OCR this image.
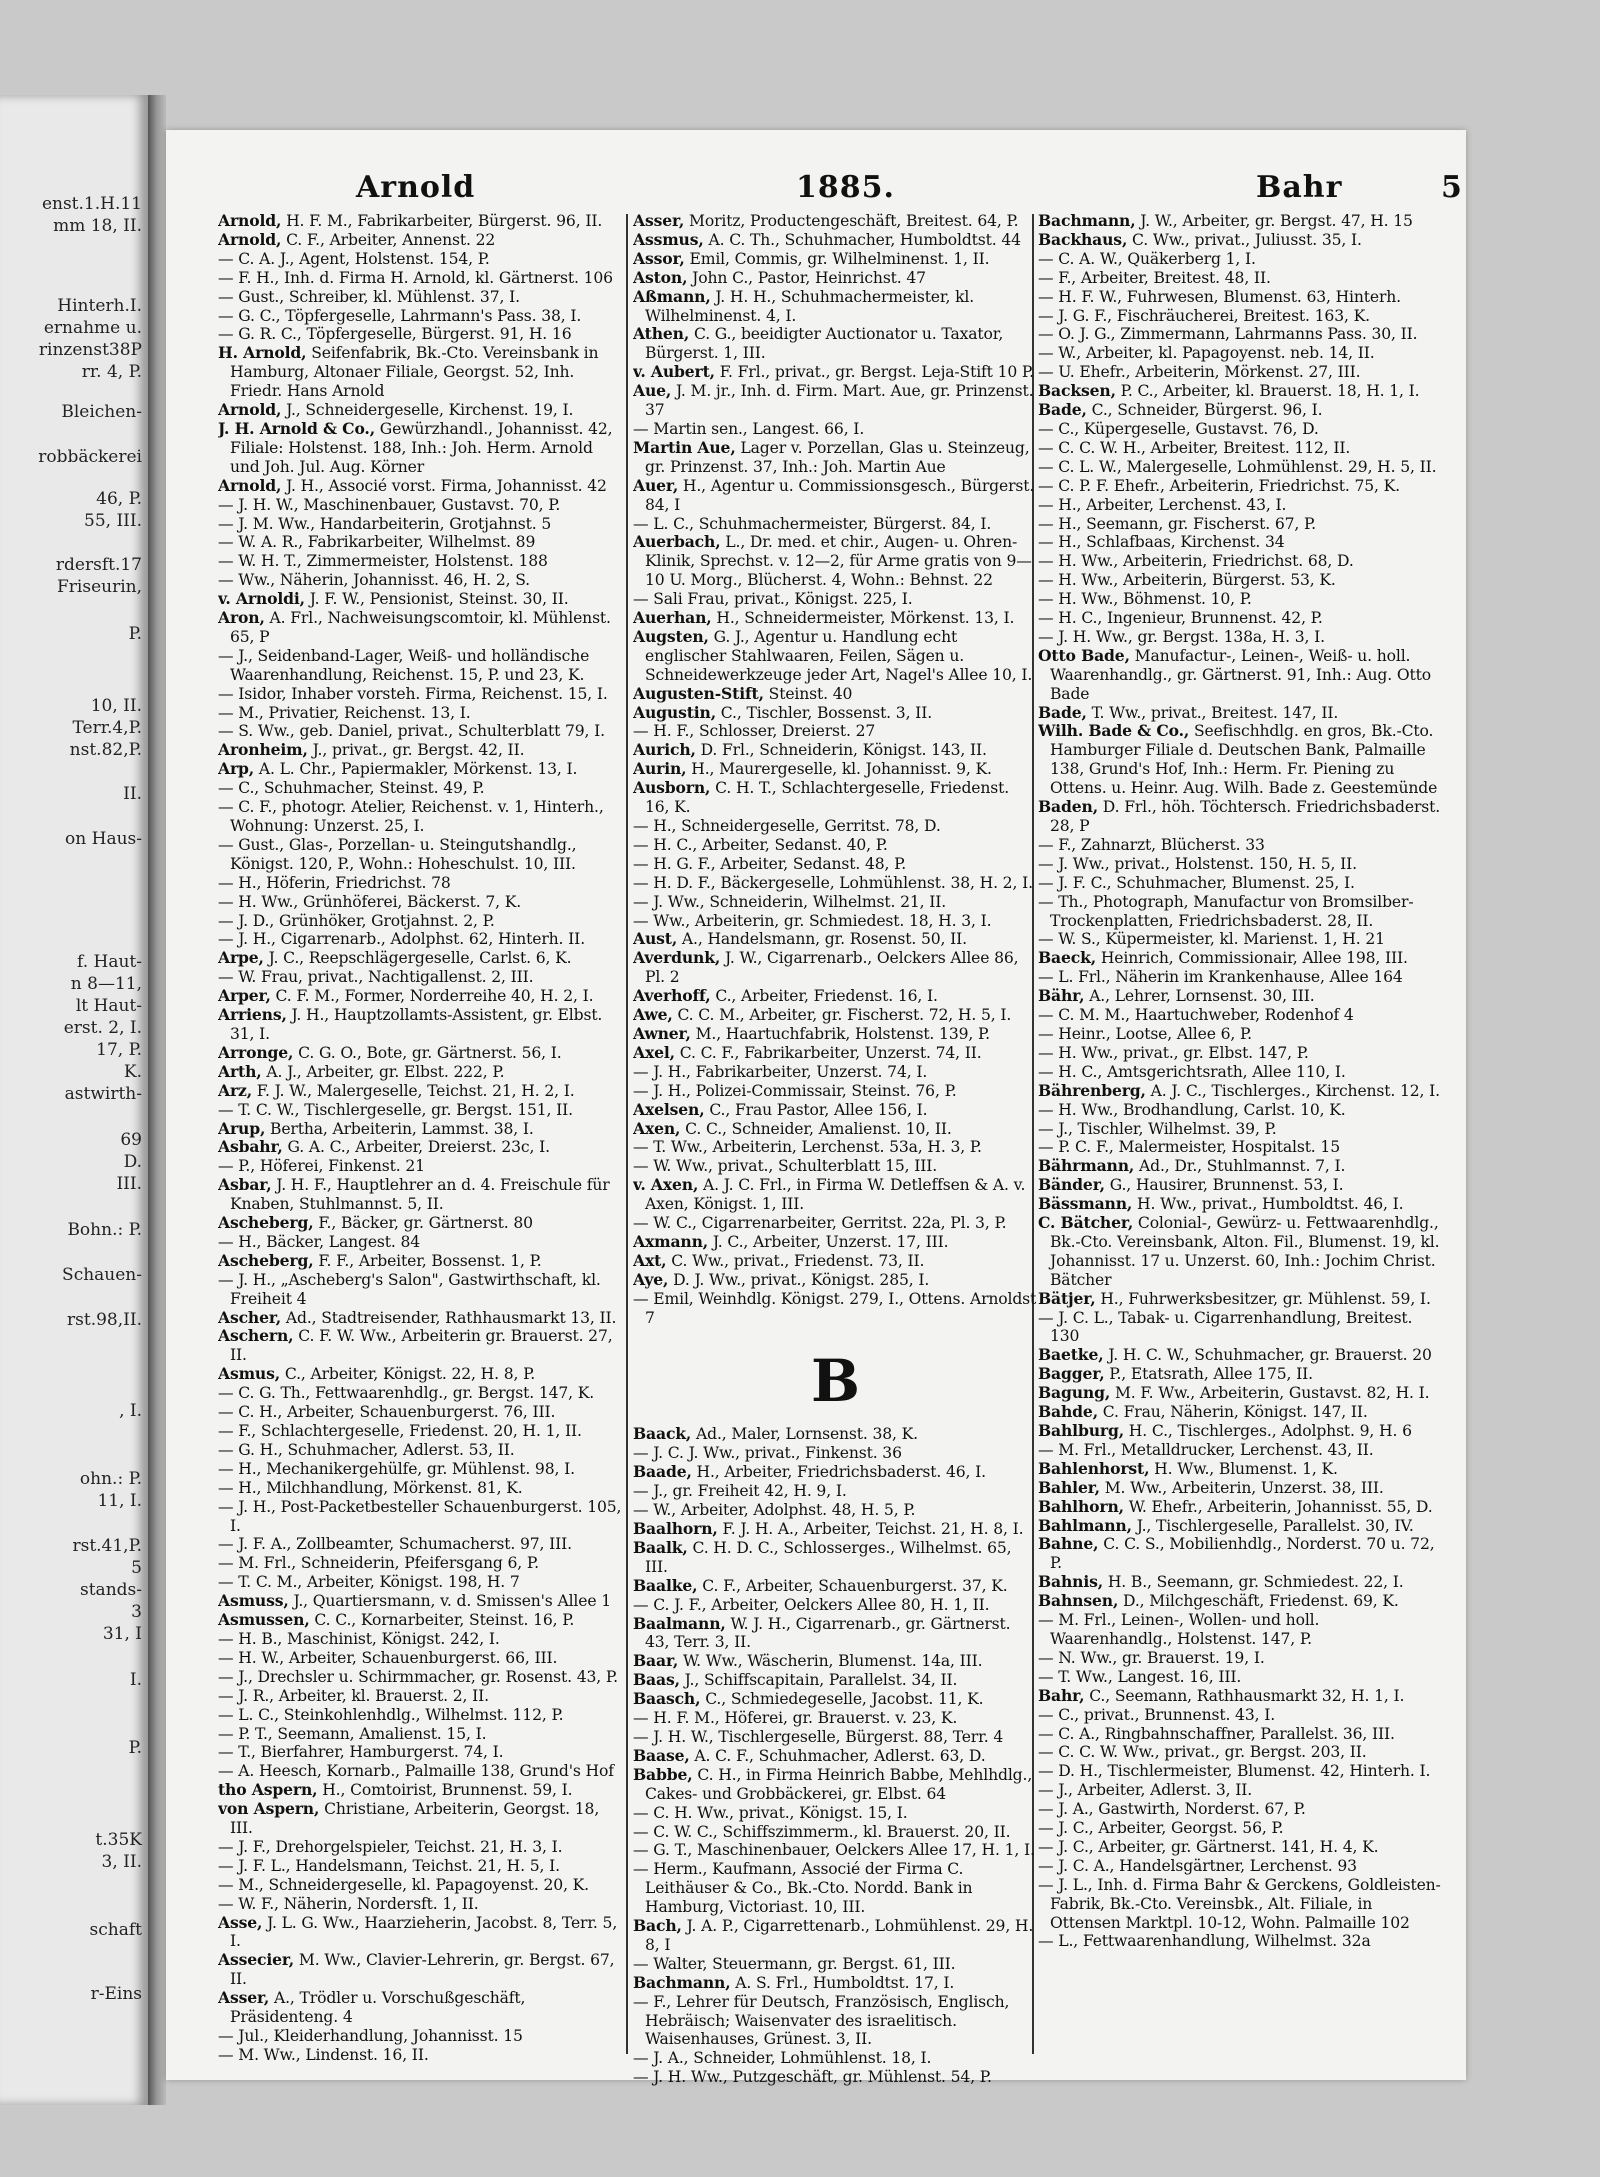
enst.1.H.11
mm 18, II.
Hinterh.I.
ernahme u.
rinzenst38P
rr. 4, P.
Bleichen-
robbäckerei
46, P.
55, III.
rdersft.17
Friseurin,
P.
10, II.
Terr.4,P.
nst.82,P.
II.
on Haus-
f. Haut-
n 8—11,
lt Haut-
erst. 2, I.
17, P.
K.
astwirth-
69
D.
III.
Bohn.: P.
Schauen-
rst.98,II.
, I.
ohn.: P.
11, I.
rst.41,P.
5
stands-
3
31, I
I.
P.
t.35K
3, II.
schaft
r-Eins
Arnold	1885.	Bahr	5

Arnold, H. F. M., Fabrikarbeiter, Bürgerst. 96, II.

Arnold, C. F., Arbeiter, Annenst. 22

— C. A. J., Agent, Holstenst. 154, P.

— F. H., Inh. d. Firma H. Arnold, kl. Gärtnerst. 106

— Gust., Schreiber, kl. Mühlenst. 37, I.

— G. C., Töpfergeselle, Lahrmann's Pass. 38, I.

— G. R. C., Töpfergeselle, Bürgerst. 91, H. 16

H. Arnold, Seifenfabrik, Bk.-Cto. Vereinsbank in Hamburg, Altonaer Filiale, Georgst. 52, Inh. Friedr. Hans Arnold

Arnold, J., Schneidergeselle, Kirchenst. 19, I.

J. H. Arnold & Co., Gewürzhandl., Johannisst. 42, Filiale: Holstenst. 188, Inh.: Joh. Herm. Arnold und Joh. Jul. Aug. Körner

Arnold, J. H., Associé vorst. Firma, Johannisst. 42

— J. H. W., Maschinenbauer, Gustavst. 70, P.

— J. M. Ww., Handarbeiterin, Grotjahnst. 5

— W. A. R., Fabrikarbeiter, Wilhelmst. 89

— W. H. T., Zimmermeister, Holstenst. 188

— Ww., Näherin, Johannisst. 46, H. 2, S.

v. Arnoldi, J. F. W., Pensionist, Steinst. 30, II.

Aron, A. Frl., Nachweisungscomtoir, kl. Mühlenst. 65, P

— J., Seidenband-Lager, Weiß- und holländische Waarenhandlung, Reichenst. 15, P. und 23, K.

— Isidor, Inhaber vorsteh. Firma, Reichenst. 15, I.

— M., Privatier, Reichenst. 13, I.

— S. Ww., geb. Daniel, privat., Schulterblatt 79, I.

Aronheim, J., privat., gr. Bergst. 42, II.

Arp, A. L. Chr., Papiermakler, Mörkenst. 13, I.

— C., Schuhmacher, Steinst. 49, P.

— C. F., photogr. Atelier, Reichenst. v. 1, Hinterh., Wohnung: Unzerst. 25, I.

— Gust., Glas-, Porzellan- u. Steingutshandlg., Königst. 120, P., Wohn.: Hoheschulst. 10, III.

— H., Höferin, Friedrichst. 78

— H. Ww., Grünhöferei, Bäckerst. 7, K.

— J. D., Grünhöker, Grotjahnst. 2, P.

— J. H., Cigarrenarb., Adolphst. 62, Hinterh. II.

Arpe, J. C., Reepschlägergeselle, Carlst. 6, K.

— W. Frau, privat., Nachtigallenst. 2, III.

Arper, C. F. M., Former, Norderreihe 40, H. 2, I.

Arriens, J. H., Hauptzollamts-Assistent, gr. Elbst. 31, I.

Arronge, C. G. O., Bote, gr. Gärtnerst. 56, I.

Arth, A. J., Arbeiter, gr. Elbst. 222, P.

Arz, F. J. W., Malergeselle, Teichst. 21, H. 2, I.

— T. C. W., Tischlergeselle, gr. Bergst. 151, II.

Arup, Bertha, Arbeiterin, Lammst. 38, I.

Asbahr, G. A. C., Arbeiter, Dreierst. 23c, I.

— P., Höferei, Finkenst. 21

Asbar, J. H. F., Hauptlehrer an d. 4. Freischule für Knaben, Stuhlmannst. 5, II.

Ascheberg, F., Bäcker, gr. Gärtnerst. 80

— H., Bäcker, Langest. 84

Ascheberg, F. F., Arbeiter, Bossenst. 1, P.

— J. H., „Ascheberg's Salon", Gastwirthschaft, kl. Freiheit 4

Ascher, Ad., Stadtreisender, Rathhausmarkt 13, II.

Aschern, C. F. W. Ww., Arbeiterin gr. Brauerst. 27, II.

Asmus, C., Arbeiter, Königst. 22, H. 8, P.

— C. G. Th., Fettwaarenhdlg., gr. Bergst. 147, K.

— C. H., Arbeiter, Schauenburgerst. 76, III.

— F., Schlachtergeselle, Friedenst. 20, H. 1, II.

— G. H., Schuhmacher, Adlerst. 53, II.

— H., Mechanikergehülfe, gr. Mühlenst. 98, I.

— H., Milchhandlung, Mörkenst. 81, K.

— J. H., Post-Packetbesteller Schauenburgerst. 105, I.

— J. F. A., Zollbeamter, Schumacherst. 97, III.

— M. Frl., Schneiderin, Pfeifersgang 6, P.

— T. C. M., Arbeiter, Königst. 198, H. 7

Asmuss, J., Quartiersmann, v. d. Smissen's Allee 1

Asmussen, C. C., Kornarbeiter, Steinst. 16, P.

— H. B., Maschinist, Königst. 242, I.

— H. W., Arbeiter, Schauenburgerst. 66, III.

— J., Drechsler u. Schirmmacher, gr. Rosenst. 43, P.

— J. R., Arbeiter, kl. Brauerst. 2, II.

— L. C., Steinkohlenhdlg., Wilhelmst. 112, P.

— P. T., Seemann, Amalienst. 15, I.

— T., Bierfahrer, Hamburgerst. 74, I.

— A. Heesch, Kornarb., Palmaille 138, Grund's Hof

tho Aspern, H., Comtoirist, Brunnenst. 59, I.

von Aspern, Christiane, Arbeiterin, Georgst. 18, III.

— J. F., Drehorgelspieler, Teichst. 21, H. 3, I.

— J. F. L., Handelsmann, Teichst. 21, H. 5, I.

— M., Schneidergeselle, kl. Papagoyenst. 20, K.

— W. F., Näherin, Nordersft. 1, II.

Asse, J. L. G. Ww., Haarzieherin, Jacobst. 8, Terr. 5, I.

Assecier, M. Ww., Clavier-Lehrerin, gr. Bergst. 67, II.

Asser, A., Trödler u. Vorschußgeschäft, Präsidenteng. 4

— Jul., Kleiderhandlung, Johannisst. 15

— M. Ww., Lindenst. 16, II.

Asser, Moritz, Productengeschäft, Breitest. 64, P.

Assmus, A. C. Th., Schuhmacher, Humboldtst. 44

Assor, Emil, Commis, gr. Wilhelminenst. 1, II.

Aston, John C., Pastor, Heinrichst. 47

Aßmann, J. H. H., Schuhmachermeister, kl. Wilhelminenst. 4, I.

Athen, C. G., beeidigter Auctionator u. Taxator, Bürgerst. 1, III.

v. Aubert, F. Frl., privat., gr. Bergst. Leja-Stift 10 P.

Aue, J. M. jr., Inh. d. Firm. Mart. Aue, gr. Prinzenst. 37

— Martin sen., Langest. 66, I.

Martin Aue, Lager v. Porzellan, Glas u. Steinzeug, gr. Prinzenst. 37, Inh.: Joh. Martin Aue

Auer, H., Agentur u. Commissionsgesch., Bürgerst. 84, I

— L. C., Schuhmachermeister, Bürgerst. 84, I.

Auerbach, L., Dr. med. et chir., Augen- u. Ohren-Klinik, Sprechst. v. 12—2, für Arme gratis von 9—10 U. Morg., Blücherst. 4, Wohn.: Behnst. 22

— Sali Frau, privat., Königst. 225, I.

Auerhan, H., Schneidermeister, Mörkenst. 13, I.

Augsten, G. J., Agentur u. Handlung echt englischer Stahlwaaren, Feilen, Sägen u. Schneidewerkzeuge jeder Art, Nagel's Allee 10, I.

Augusten-Stift, Steinst. 40

Augustin, C., Tischler, Bossenst. 3, II.

— H. F., Schlosser, Dreierst. 27

Aurich, D. Frl., Schneiderin, Königst. 143, II.

Aurin, H., Maurergeselle, kl. Johannisst. 9, K.

Ausborn, C. H. T., Schlachtergeselle, Friedenst. 16, K.

— H., Schneidergeselle, Gerritst. 78, D.

— H. C., Arbeiter, Sedanst. 40, P.

— H. G. F., Arbeiter, Sedanst. 48, P.

— H. D. F., Bäckergeselle, Lohmühlenst. 38, H. 2, I.

— J. Ww., Schneiderin, Wilhelmst. 21, II.

— Ww., Arbeiterin, gr. Schmiedest. 18, H. 3, I.

Aust, A., Handelsmann, gr. Rosenst. 50, II.

Averdunk, J. W., Cigarrenarb., Oelckers Allee 86, Pl. 2

Averhoff, C., Arbeiter, Friedenst. 16, I.

Awe, C. C. M., Arbeiter, gr. Fischerst. 72, H. 5, I.

Awner, M., Haartuchfabrik, Holstenst. 139, P.

Axel, C. C. F., Fabrikarbeiter, Unzerst. 74, II.

— J. H., Fabrikarbeiter, Unzerst. 74, I.

— J. H., Polizei-Commissair, Steinst. 76, P.

Axelsen, C., Frau Pastor, Allee 156, I.

Axen, C. C., Schneider, Amalienst. 10, II.

— T. Ww., Arbeiterin, Lerchenst. 53a, H. 3, P.

— W. Ww., privat., Schulterblatt 15, III.

v. Axen, A. J. C. Frl., in Firma W. Detleffsen & A. v. Axen, Königst. 1, III.

— W. C., Cigarrenarbeiter, Gerritst. 22a, Pl. 3, P.

Axmann, J. C., Arbeiter, Unzerst. 17, III.

Axt, C. Ww., privat., Friedenst. 73, II.

Aye, D. J. Ww., privat., Königst. 285, I.

— Emil, Weinhdlg. Königst. 279, I., Ottens. Arnoldst 7

B

Baack, Ad., Maler, Lornsenst. 38, K.

— J. C. J. Ww., privat., Finkenst. 36

Baade, H., Arbeiter, Friedrichsbaderst. 46, I.

— J., gr. Freiheit 42, H. 9, I.

— W., Arbeiter, Adolphst. 48, H. 5, P.

Baalhorn, F. J. H. A., Arbeiter, Teichst. 21, H. 8, I.

Baalk, C. H. D. C., Schlosserges., Wilhelmst. 65, III.

Baalke, C. F., Arbeiter, Schauenburgerst. 37, K.

— C. J. F., Arbeiter, Oelckers Allee 80, H. 1, II.

Baalmann, W. J. H., Cigarrenarb., gr. Gärtnerst. 43, Terr. 3, II.

Baar, W. Ww., Wäscherin, Blumenst. 14a, III.

Baas, J., Schiffscapitain, Parallelst. 34, II.

Baasch, C., Schmiedegeselle, Jacobst. 11, K.

— H. F. M., Höferei, gr. Brauerst. v. 23, K.

— J. H. W., Tischlergeselle, Bürgerst. 88, Terr. 4

Baase, A. C. F., Schuhmacher, Adlerst. 63, D.

Babbe, C. H., in Firma Heinrich Babbe, Mehlhdlg., Cakes- und Grobbäckerei, gr. Elbst. 64

— C. H. Ww., privat., Königst. 15, I.

— C. W. C., Schiffszimmerm., kl. Brauerst. 20, II.

— G. T., Maschinenbauer, Oelckers Allee 17, H. 1, I.

— Herm., Kaufmann, Associé der Firma C. Leithäuser & Co., Bk.-Cto. Nordd. Bank in Hamburg, Victoriast. 10, III.

Bach, J. A. P., Cigarrettenarb., Lohmühlenst. 29, H. 8, I

— Walter, Steuermann, gr. Bergst. 61, III.

Bachmann, A. S. Frl., Humboldtst. 17, I.

— F., Lehrer für Deutsch, Französisch, Englisch, Hebräisch; Waisenvater des israelitisch. Waisenhauses, Grünest. 3, II.

— J. A., Schneider, Lohmühlenst. 18, I.

— J. H. Ww., Putzgeschäft, gr. Mühlenst. 54, P.

Bachmann, J. W., Arbeiter, gr. Bergst. 47, H. 15

Backhaus, C. Ww., privat., Juliusst. 35, I.

— C. A. W., Quäkerberg 1, I.

— F., Arbeiter, Breitest. 48, II.

— H. F. W., Fuhrwesen, Blumenst. 63, Hinterh.

— J. G. F., Fischräucherei, Breitest. 163, K.

— O. J. G., Zimmermann, Lahrmanns Pass. 30, II.

— W., Arbeiter, kl. Papagoyenst. neb. 14, II.

— U. Ehefr., Arbeiterin, Mörkenst. 27, III.

Backsen, P. C., Arbeiter, kl. Brauerst. 18, H. 1, I.

Bade, C., Schneider, Bürgerst. 96, I.

— C., Küpergeselle, Gustavst. 76, D.

— C. C. W. H., Arbeiter, Breitest. 112, II.

— C. L. W., Malergeselle, Lohmühlenst. 29, H. 5, II.

— C. P. F. Ehefr., Arbeiterin, Friedrichst. 75, K.

— H., Arbeiter, Lerchenst. 43, I.

— H., Seemann, gr. Fischerst. 67, P.

— H., Schlafbaas, Kirchenst. 34

— H. Ww., Arbeiterin, Friedrichst. 68, D.

— H. Ww., Arbeiterin, Bürgerst. 53, K.

— H. Ww., Böhmenst. 10, P.

— H. C., Ingenieur, Brunnenst. 42, P.

— J. H. Ww., gr. Bergst. 138a, H. 3, I.

Otto Bade, Manufactur-, Leinen-, Weiß- u. holl. Waarenhandlg., gr. Gärtnerst. 91, Inh.: Aug. Otto Bade

Bade, T. Ww., privat., Breitest. 147, II.

Wilh. Bade & Co., Seefischhdlg. en gros, Bk.-Cto. Hamburger Filiale d. Deutschen Bank, Palmaille 138, Grund's Hof, Inh.: Herm. Fr. Piening zu Ottens. u. Heinr. Aug. Wilh. Bade z. Geestemünde

Baden, D. Frl., höh. Töchtersch. Friedrichsbaderst. 28, P

— F., Zahnarzt, Blücherst. 33

— J. Ww., privat., Holstenst. 150, H. 5, II.

— J. F. C., Schuhmacher, Blumenst. 25, I.

— Th., Photograph, Manufactur von Bromsilber-Trockenplatten, Friedrichsbaderst. 28, II.

— W. S., Küpermeister, kl. Marienst. 1, H. 21

Baeck, Heinrich, Commissionair, Allee 198, III.

— L. Frl., Näherin im Krankenhause, Allee 164

Bähr, A., Lehrer, Lornsenst. 30, III.

— C. M. M., Haartuchweber, Rodenhof 4

— Heinr., Lootse, Allee 6, P.

— H. Ww., privat., gr. Elbst. 147, P.

— H. C., Amtsgerichtsrath, Allee 110, I.

Bährenberg, A. J. C., Tischlerges., Kirchenst. 12, I.

— H. Ww., Brodhandlung, Carlst. 10, K.

— J., Tischler, Wilhelmst. 39, P.

— P. C. F., Malermeister, Hospitalst. 15

Bährmann, Ad., Dr., Stuhlmannst. 7, I.

Bänder, G., Hausirer, Brunnenst. 53, I.

Bässmann, H. Ww., privat., Humboldtst. 46, I.

C. Bätcher, Colonial-, Gewürz- u. Fettwaarenhdlg., Bk.-Cto. Vereinsbank, Alton. Fil., Blumenst. 19, kl. Johannisst. 17 u. Unzerst. 60, Inh.: Jochim Christ. Bätcher

Bätjer, H., Fuhrwerksbesitzer, gr. Mühlenst. 59, I.

— J. C. L., Tabak- u. Cigarrenhandlung, Breitest. 130

Baetke, J. H. C. W., Schuhmacher, gr. Brauerst. 20

Bagger, P., Etatsrath, Allee 175, II.

Bagung, M. F. Ww., Arbeiterin, Gustavst. 82, H. I.

Bahde, C. Frau, Näherin, Königst. 147, II.

Bahlburg, H. C., Tischlerges., Adolphst. 9, H. 6

— M. Frl., Metalldrucker, Lerchenst. 43, II.

Bahlenhorst, H. Ww., Blumenst. 1, K.

Bahler, M. Ww., Arbeiterin, Unzerst. 38, III.

Bahlhorn, W. Ehefr., Arbeiterin, Johannisst. 55, D.

Bahlmann, J., Tischlergeselle, Parallelst. 30, IV.

Bahne, C. C. S., Mobilienhdlg., Norderst. 70 u. 72, P.

Bahnis, H. B., Seemann, gr. Schmiedest. 22, I.

Bahnsen, D., Milchgeschäft, Friedenst. 69, K.

— M. Frl., Leinen-, Wollen- und holl. Waarenhandlg., Holstenst. 147, P.

— N. Ww., gr. Brauerst. 19, I.

— T. Ww., Langest. 16, III.

Bahr, C., Seemann, Rathhausmarkt 32, H. 1, I.

— C., privat., Brunnenst. 43, I.

— C. A., Ringbahnschaffner, Parallelst. 36, III.

— C. C. W. Ww., privat., gr. Bergst. 203, II.

— D. H., Tischlermeister, Blumenst. 42, Hinterh. I.

— J., Arbeiter, Adlerst. 3, II.

— J. A., Gastwirth, Norderst. 67, P.

— J. C., Arbeiter, Georgst. 56, P.

— J. C., Arbeiter, gr. Gärtnerst. 141, H. 4, K.

— J. C. A., Handelsgärtner, Lerchenst. 93

— J. L., Inh. d. Firma Bahr & Gerckens, Goldleisten-Fabrik, Bk.-Cto. Vereinsbk., Alt. Filiale, in Ottensen Marktpl. 10-12, Wohn. Palmaille 102

— L., Fettwaarenhandlung, Wilhelmst. 32a
